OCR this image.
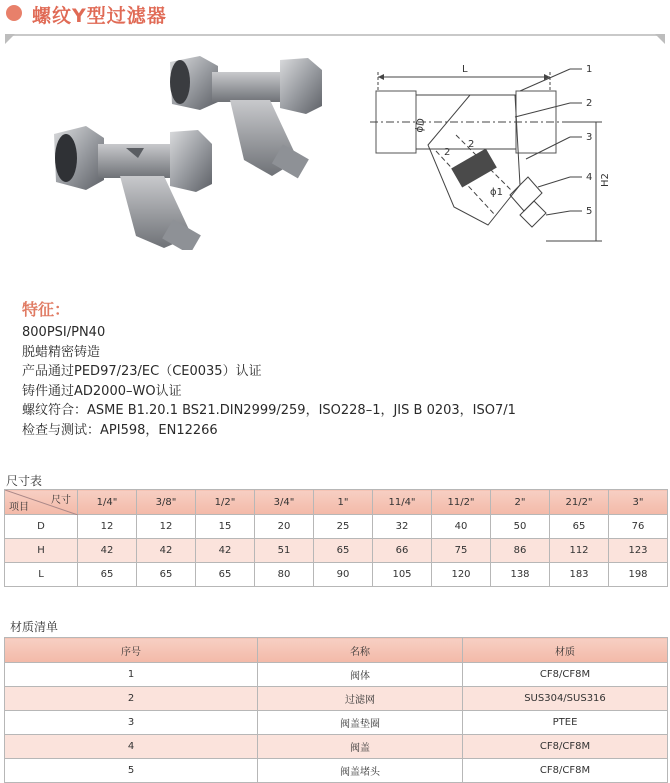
螺纹Y型过滤器
L
ϕD
ϕ1
2
2
H2
1
2
3
4
5
特征：
800PSI/PN40
脱蜡精密铸造
产品通过PED97/23/EC（CE0035）认证
铸件通过AD2000–WO认证
螺纹符合：ASME B1.20.1 BS21.DIN2999/259，ISO228–1，JIS B 0203，ISO7/1
检查与测试：API598，EN12266
尺寸表
尺寸
项目	1/4"	3/8"	1/2"	3/4"	1"	11/4"	11/2"	2"	21/2"	3"
D	12	12	15	20	25	32	40	50	65	76
H	42	42	42	51	65	66	75	86	112	123
L	65	65	65	80	90	105	120	138	183	198
材质清单
序号	名称	材质
1	阀体	CF8/CF8M
2	过滤网	SUS304/SUS316
3	阀盖垫圈	PTEE
4	阀盖	CF8/CF8M
5	阀盖堵头	CF8/CF8M
